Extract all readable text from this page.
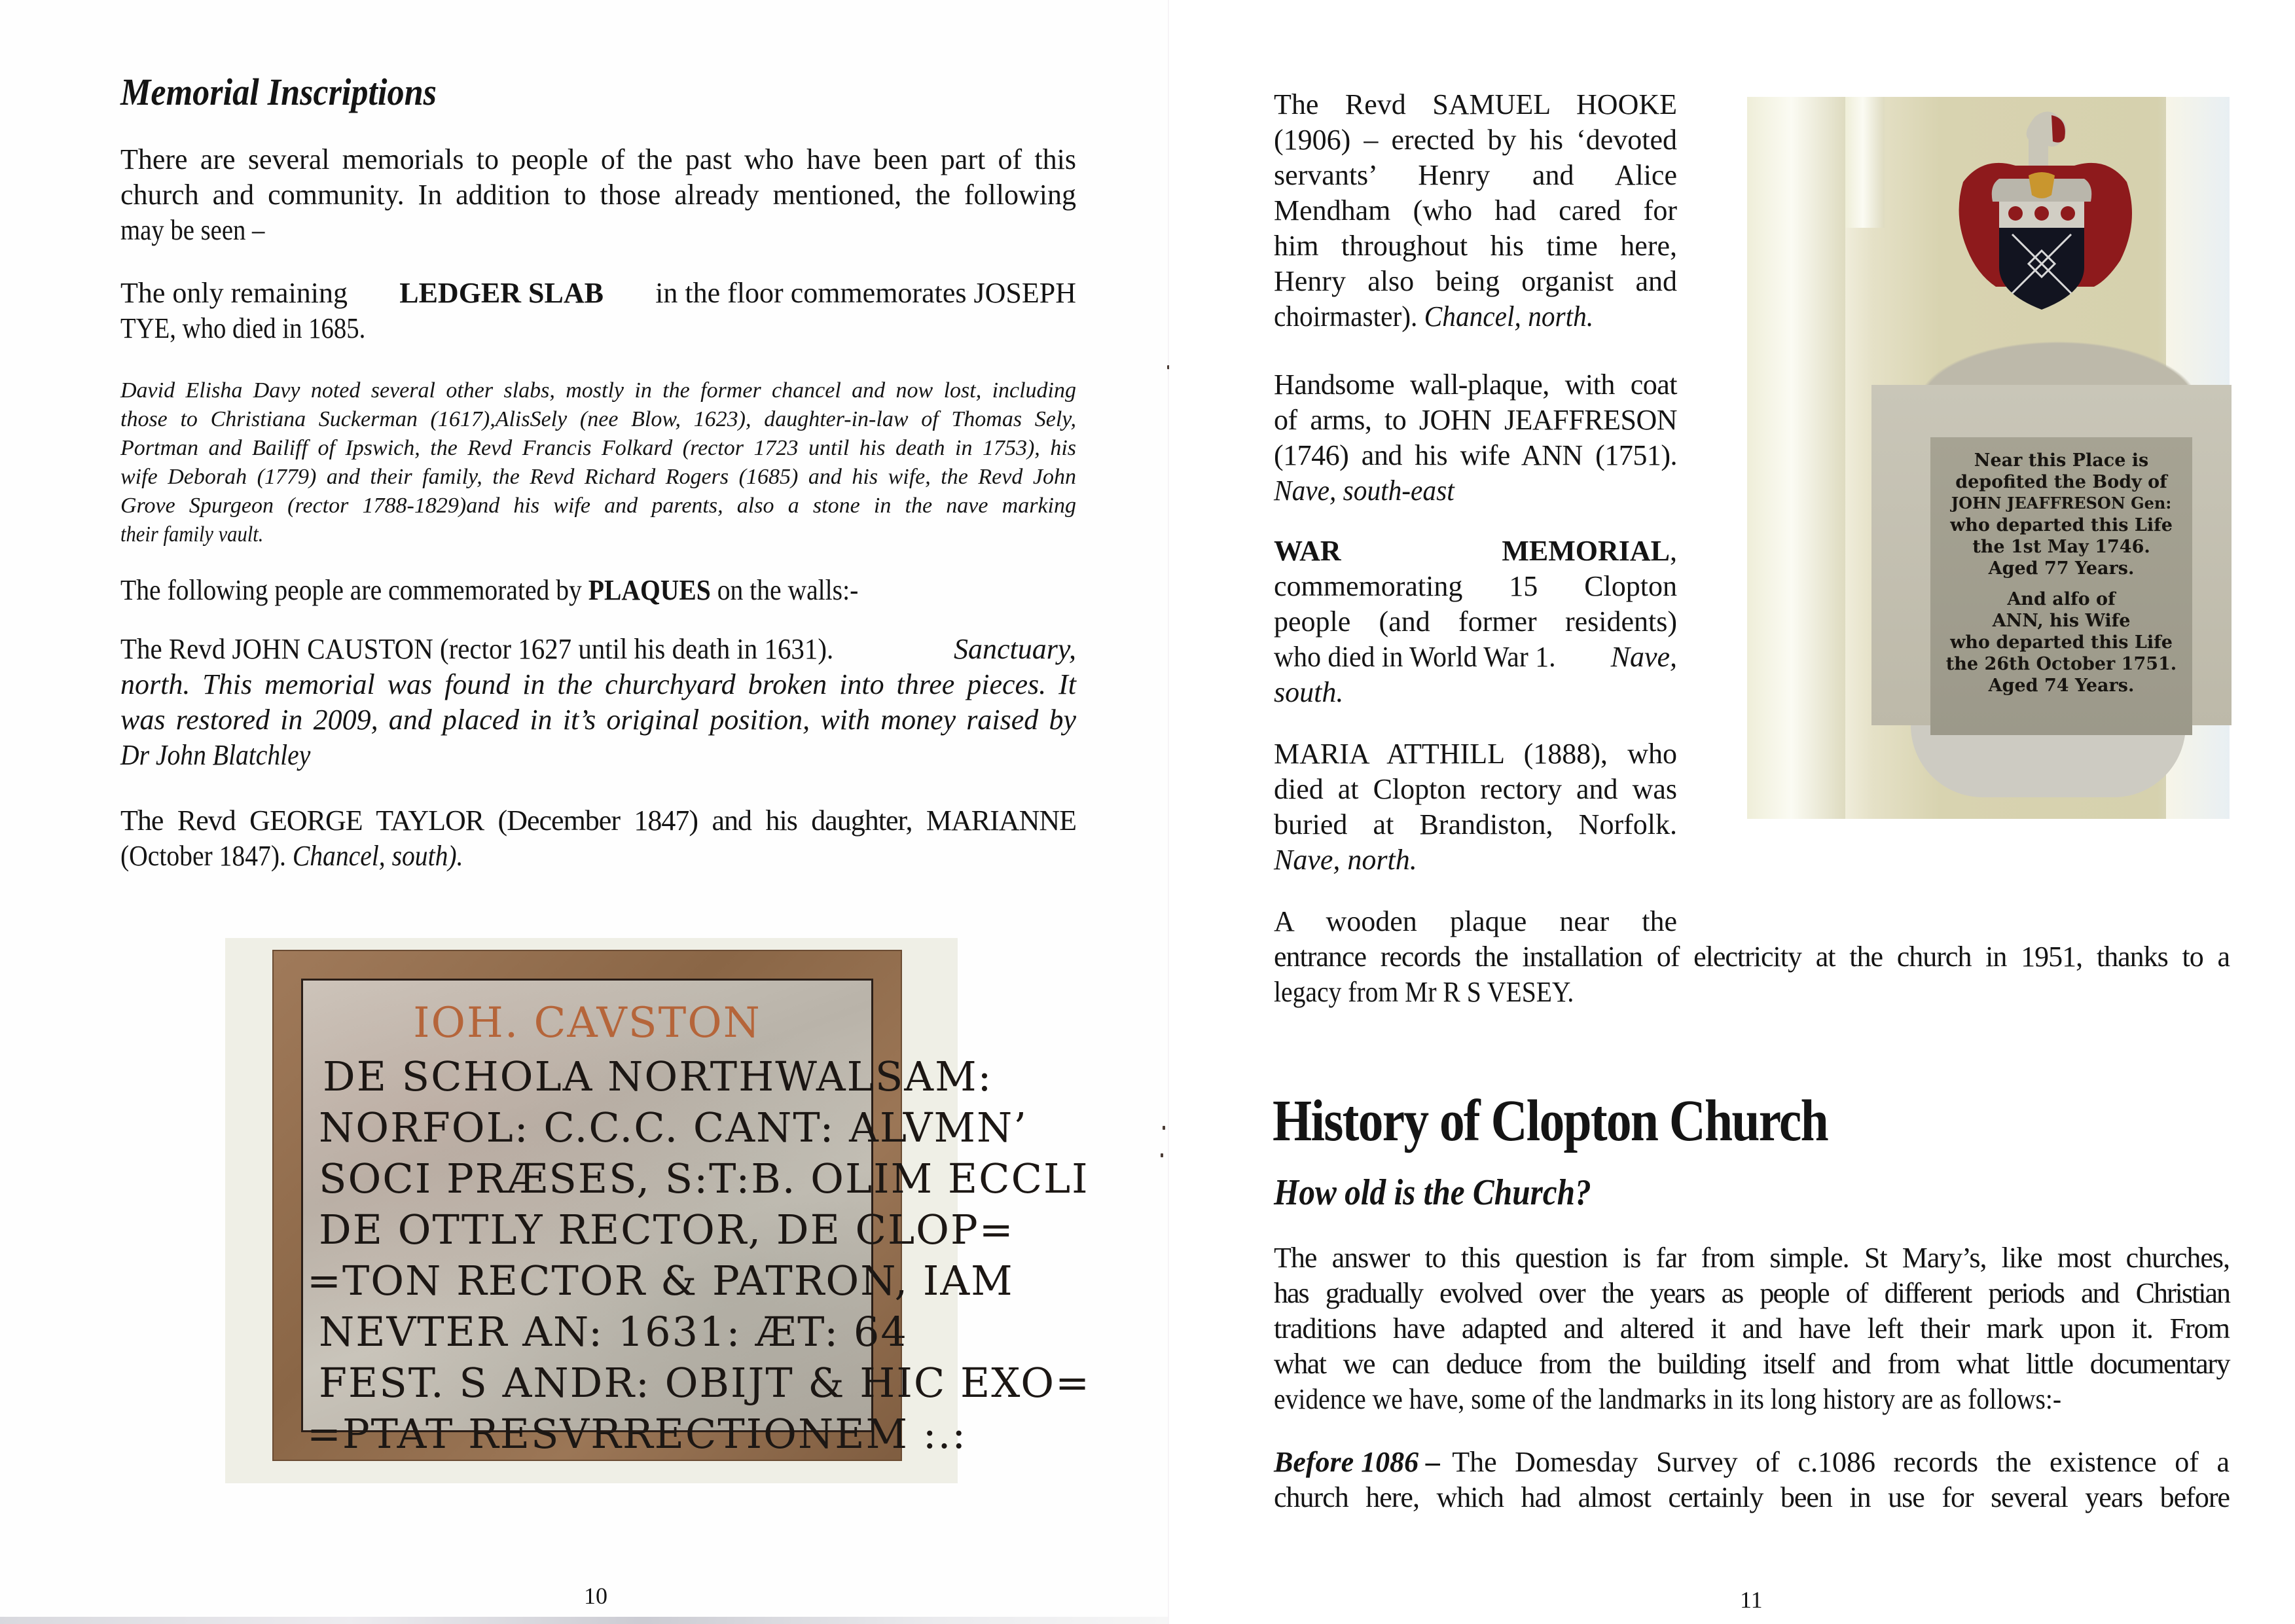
Memorial Inscriptions
There are several memorials to people of the past who have been part of this
church and community. In addition to those already mentioned, the following
may be seen –
The only remaining LEDGER SLAB in the floor commemorates JOSEPH
TYE, who died in 1685.
David Elisha Davy noted several other slabs, mostly in the former chancel and now lost, including
those to Christiana Suckerman (1617),AlisSely (nee Blow, 1623), daughter-in-law of Thomas Sely,
Portman and Bailiff of Ipswich, the Revd Francis Folkard (rector 1723 until his death in 1753), his
wife Deborah (1779) and their family, the Revd Richard Rogers (1685) and his wife, the Revd John
Grove Spurgeon (rector 1788-1829)and his wife and parents, also a stone in the nave marking
their family vault.
The following people are commemorated by PLAQUES on the walls:-
The Revd JOHN CAUSTON (rector 1627 until his death in 1631).	Sanctuary,
north. This memorial was found in the churchyard broken into three pieces. It
was restored in 2009, and placed in it’s original position, with money raised by
Dr John Blatchley
The Revd GEORGE TAYLOR (December 1847) and his daughter, MARIANNE
(October 1847). Chancel, south).
IOH. CAVSTON
DE SCHOLA NORTHWALSAM:
NORFOL: C.C.C. CANT: ALVMN’
SOCI PRÆSES, S:T:B. OLIM ECCLI
DE OTTLY RECTOR, DE CLOP=
=TON RECTOR & PATRON, IAM
NEVTER AN: 1631: ÆT: 64
FEST. S ANDR: OBIJT & HIC EXO=
=PTAT RESVRRECTIONEM :.:
10
The Revd SAMUEL HOOKE
(1906) – erected by his ‘devoted
servants’ Henry and Alice
Mendham (who had cared for
him throughout his time here,
Henry also being organist and
choirmaster). Chancel, north.
Handsome wall-plaque, with coat
of arms, to JOHN JEAFFRESON
(1746) and his wife ANN (1751).
Nave, south-east
WAR	MEMORIAL,
commemorating 15 Clopton
people (and former residents)
who died in World War 1. Nave,
south.
MARIA ATTHILL (1888), who
died at Clopton rectory and was
buried at Brandiston, Norfolk.
Nave, north.
A wooden plaque near the
entrance records the installation of electricity at the church in 1951, thanks to a
legacy from Mr R S VESEY.
History of Clopton Church
How old is the Church?
The answer to this question is far from simple. St Mary’s, like most churches,
has gradually evolved over the years as people of different periods and Christian
traditions have adapted and altered it and have left their mark upon it. From
what we can deduce from the building itself and from what little documentary
evidence we have, some of the landmarks in its long history are as follows:-
Before 1086 – The Domesday Survey of c.1086 records the existence of a
church here, which had almost certainly been in use for several years before
11
Near this Place is
depofited the Body of
JOHN JEAFFRESON Gen:
who departed this Life
the 1st May 1746.
Aged 77 Years.
And alfo of
ANN, his Wife
who departed this Life
the 26th October 1751.
Aged 74 Years.
